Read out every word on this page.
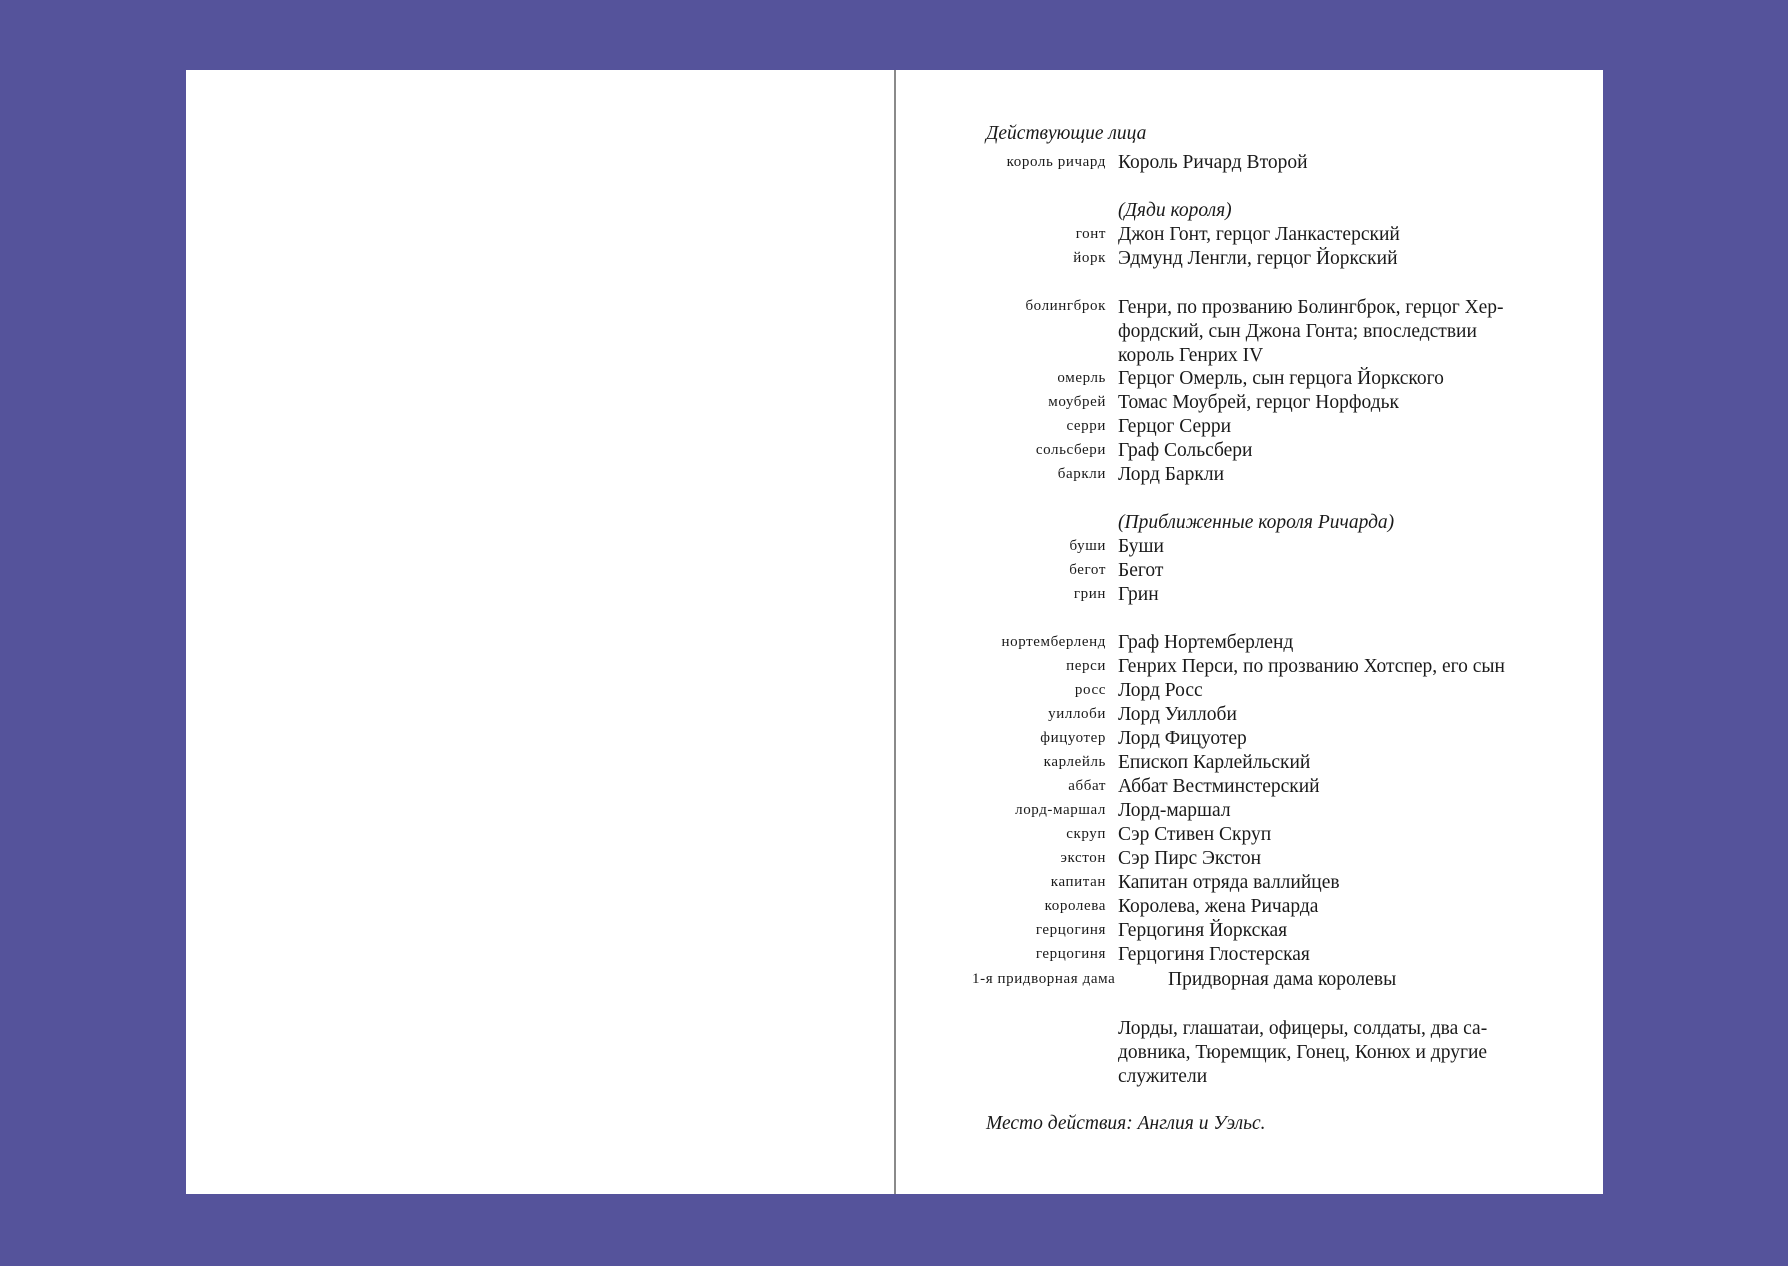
Действующие лица
король ричард Король Ричард Второй
(Дяди короля)
гонт Джон Гонт, герцог Ланкастерский
йорк Эдмунд Ленгли, герцог Йоркский
болингброк Генри, по прозванию Болингброк, герцог Хер-
фордский, сын Джона Гонта; впоследствии
король Генрих IV
омерль Герцог Омерль, сын герцога Йоркского
моубрей Томас Моубрей, герцог Норфодьк
серри Герцог Серри
сольсбери Граф Сольсбери
баркли Лорд Баркли
(Приближенные короля Ричарда)
буши Буши
бегот Бегот
грин Грин
нортемберленд Граф Нортемберленд
перси Генрих Перси, по прозванию Хотспер, его сын
росс Лорд Росс
уиллоби Лорд Уиллоби
фицуотер Лорд Фицуотер
карлейль Епископ Карлейльский
аббат Аббат Вестминстерский
лорд-маршал Лорд-маршал
скруп Сэр Стивен Скруп
экстон Сэр Пирс Экстон
капитан Капитан отряда валлийцев
королева Королева, жена Ричарда
герцогиня Герцогиня Йоркская
герцогиня Герцогиня Глостерская
1-я придворная дама	Придворная дама королевы
Лорды, глашатаи, офицеры, солдаты, два са-
довника, Тюремщик, Гонец, Конюх и другие
служители
Место действия: Англия и Уэльс.
